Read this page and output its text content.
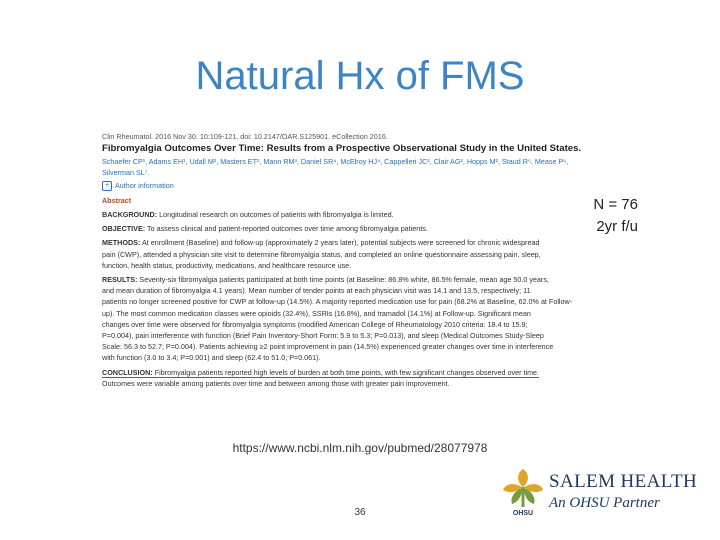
Natural Hx of FMS
Clin Rheumatol. 2016 Nov 30. 10:109-121. doi: 10.2147/OAR.S125901. eCollection 2016.
Fibromyalgia Outcomes Over Time: Results from a Prospective Observational Study in the United States.
Schaefer CP¹, Adams EH¹, Udall M², Masters ET², Mann RM³, Daniel SR⁴, McElroy HJ⁴, Cappelleri JC², Clair AG², Hopps M², Staud R⁵, Mease P⁶,
Silverman SL⁷.
+ Author information
Abstract
BACKGROUND: Longitudinal research on outcomes of patients with fibromyalgia is limited.
OBJECTIVE: To assess clinical and patient-reported outcomes over time among fibromyalgia patients.
METHODS: At enrollment (Baseline) and follow-up (approximately 2 years later), potential subjects were screened for chronic widespread
pain (CWP), attended a physician site visit to determine fibromyalgia status, and completed an online questionnaire assessing pain, sleep,
function, health status, productivity, medications, and healthcare resource use.
RESULTS: Seventy-six fibromyalgia patients participated at both time points (at Baseline: 86.8% white, 86.5% female, mean age 50.0 years,
and mean duration of fibromyalgia 4.1 years). Mean number of tender points at each physician visit was 14.1 and 13.5, respectively; 11
patients no longer screened positive for CWP at follow-up (14.5%). A majority reported medication use for pain (68.2% at Baseline, 62.0% at Follow-
up). The most common medication classes were opioids (32.4%), SSRIs (16.8%), and tramadol (14.1%) at Follow-up. Significant mean
changes over time were observed for fibromyalgia symptoms (modified American College of Rheumatology 2010 criteria: 18.4 to 15.9;
P=0.004), pain interference with function (Brief Pain Inventory-Short Form: 5.9 to 5.3; P=0.013), and sleep (Medical Outcomes Study-Sleep
Scale: 56.3 to 52.7; P=0.004). Patients achieving ≥2 point improvement in pain (14.5%) experienced greater changes over time in interference
with function (3.0 to 3.4; P=0.001) and sleep (62.4 to 51.0; P=0.061).
CONCLUSION: Fibromyalgia patients reported high levels of burden at both time points, with few significant changes observed over time.
Outcomes were variable among patients over time and between among those with greater pain improvement.
N = 76
2yr f/u
https://www.ncbi.nlm.nih.gov/pubmed/28077978
36	OHSU
SALEM HEALTH
An OHSU Partner
